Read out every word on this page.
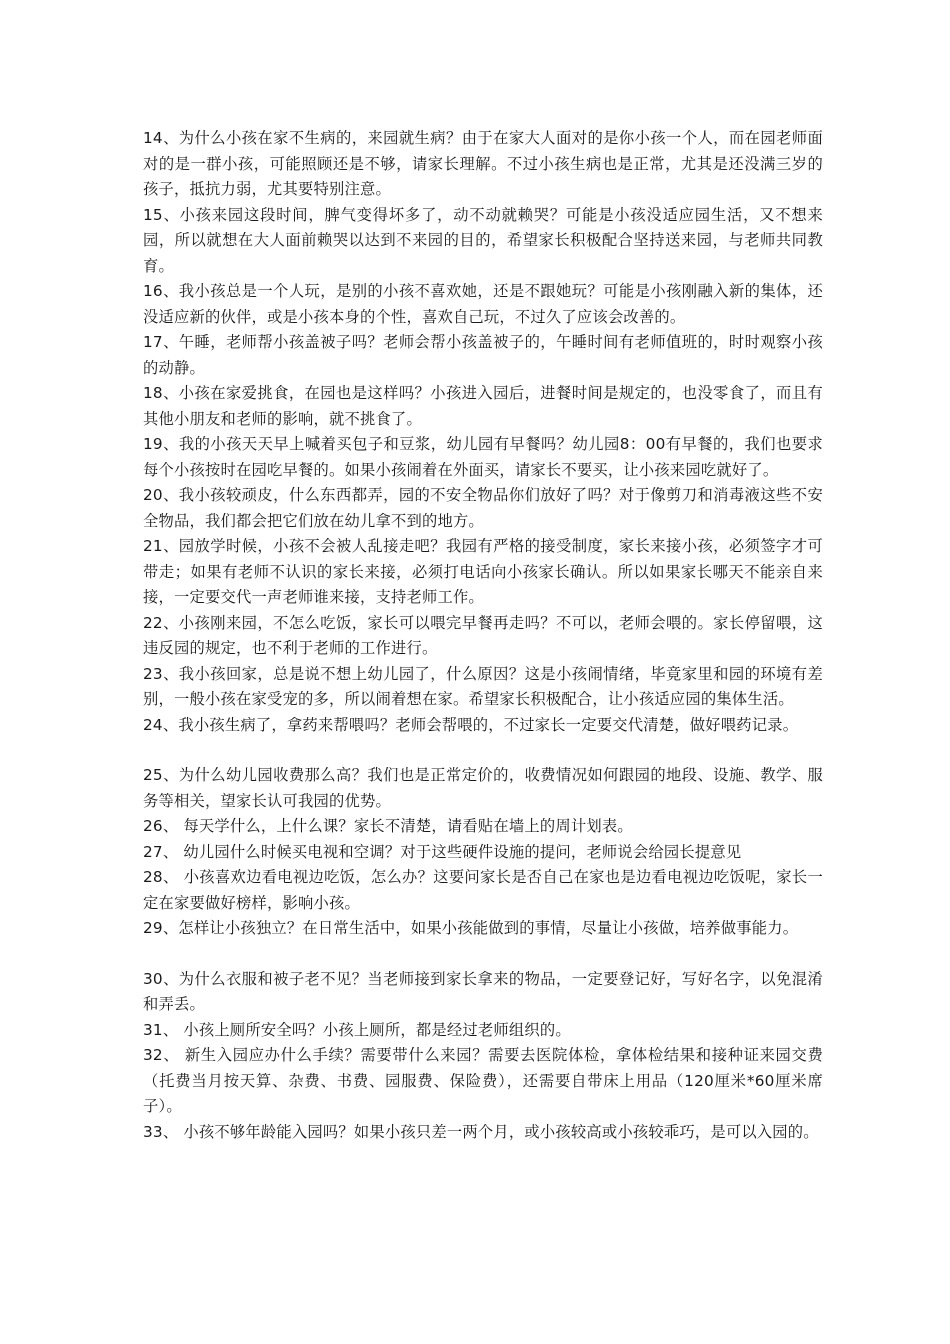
14、为什么小孩在家不生病的，来园就生病？由于在家大人面对的是你小孩一个人，而在园老师面对的是一群小孩，可能照顾还是不够，请家长理解。不过小孩生病也是正常，尤其是还没满三岁的孩子，抵抗力弱，尤其要特别注意。

15、小孩来园这段时间，脾气变得坏多了，动不动就赖哭？可能是小孩没适应园生活，又不想来园，所以就想在大人面前赖哭以达到不来园的目的，希望家长积极配合坚持送来园，与老师共同教育。

16、我小孩总是一个人玩，是别的小孩不喜欢她，还是不跟她玩？可能是小孩刚融入新的集体，还没适应新的伙伴，或是小孩本身的个性，喜欢自己玩，不过久了应该会改善的。

17、午睡，老师帮小孩盖被子吗？老师会帮小孩盖被子的，午睡时间有老师值班的，时时观察小孩的动静。

18、小孩在家爱挑食，在园也是这样吗？小孩进入园后，进餐时间是规定的，也没零食了，而且有其他小朋友和老师的影响，就不挑食了。

19、我的小孩天天早上喊着买包子和豆浆，幼儿园有早餐吗？幼儿园8：00有早餐的，我们也要求每个小孩按时在园吃早餐的。如果小孩闹着在外面买，请家长不要买，让小孩来园吃就好了。

20、我小孩较顽皮，什么东西都弄，园的不安全物品你们放好了吗？对于像剪刀和消毒液这些不安全物品，我们都会把它们放在幼儿拿不到的地方。

21、园放学时候，小孩不会被人乱接走吧？我园有严格的接受制度，家长来接小孩，必须签字才可带走；如果有老师不认识的家长来接，必须打电话向小孩家长确认。所以如果家长哪天不能亲自来接，一定要交代一声老师谁来接，支持老师工作。

22、小孩刚来园，不怎么吃饭，家长可以喂完早餐再走吗？不可以，老师会喂的。家长停留喂，这违反园的规定，也不利于老师的工作进行。

23、我小孩回家，总是说不想上幼儿园了，什么原因？这是小孩闹情绪，毕竟家里和园的环境有差别，一般小孩在家受宠的多，所以闹着想在家。希望家长积极配合，让小孩适应园的集体生活。

24、我小孩生病了，拿药来帮喂吗？老师会帮喂的，不过家长一定要交代清楚，做好喂药记录。

25、为什么幼儿园收费那么高？我们也是正常定价的，收费情况如何跟园的地段、设施、教学、服务等相关，望家长认可我园的优势。

26、 每天学什么，上什么课？家长不清楚，请看贴在墙上的周计划表。

27、 幼儿园什么时候买电视和空调？对于这些硬件设施的提问，老师说会给园长提意见

28、 小孩喜欢边看电视边吃饭，怎么办？这要问家长是否自己在家也是边看电视边吃饭呢，家长一定在家要做好榜样，影响小孩。

29、怎样让小孩独立？在日常生活中，如果小孩能做到的事情，尽量让小孩做，培养做事能力。

30、为什么衣服和被子老不见？当老师接到家长拿来的物品，一定要登记好，写好名字，以免混淆和弄丢。

31、 小孩上厕所安全吗？小孩上厕所，都是经过老师组织的。

32、 新生入园应办什么手续？需要带什么来园？需要去医院体检，拿体检结果和接种证来园交费（托费当月按天算、杂费、书费、园服费、保险费），还需要自带床上用品（120厘米*60厘米席子）。

33、 小孩不够年龄能入园吗？如果小孩只差一两个月，或小孩较高或小孩较乖巧，是可以入园的。
